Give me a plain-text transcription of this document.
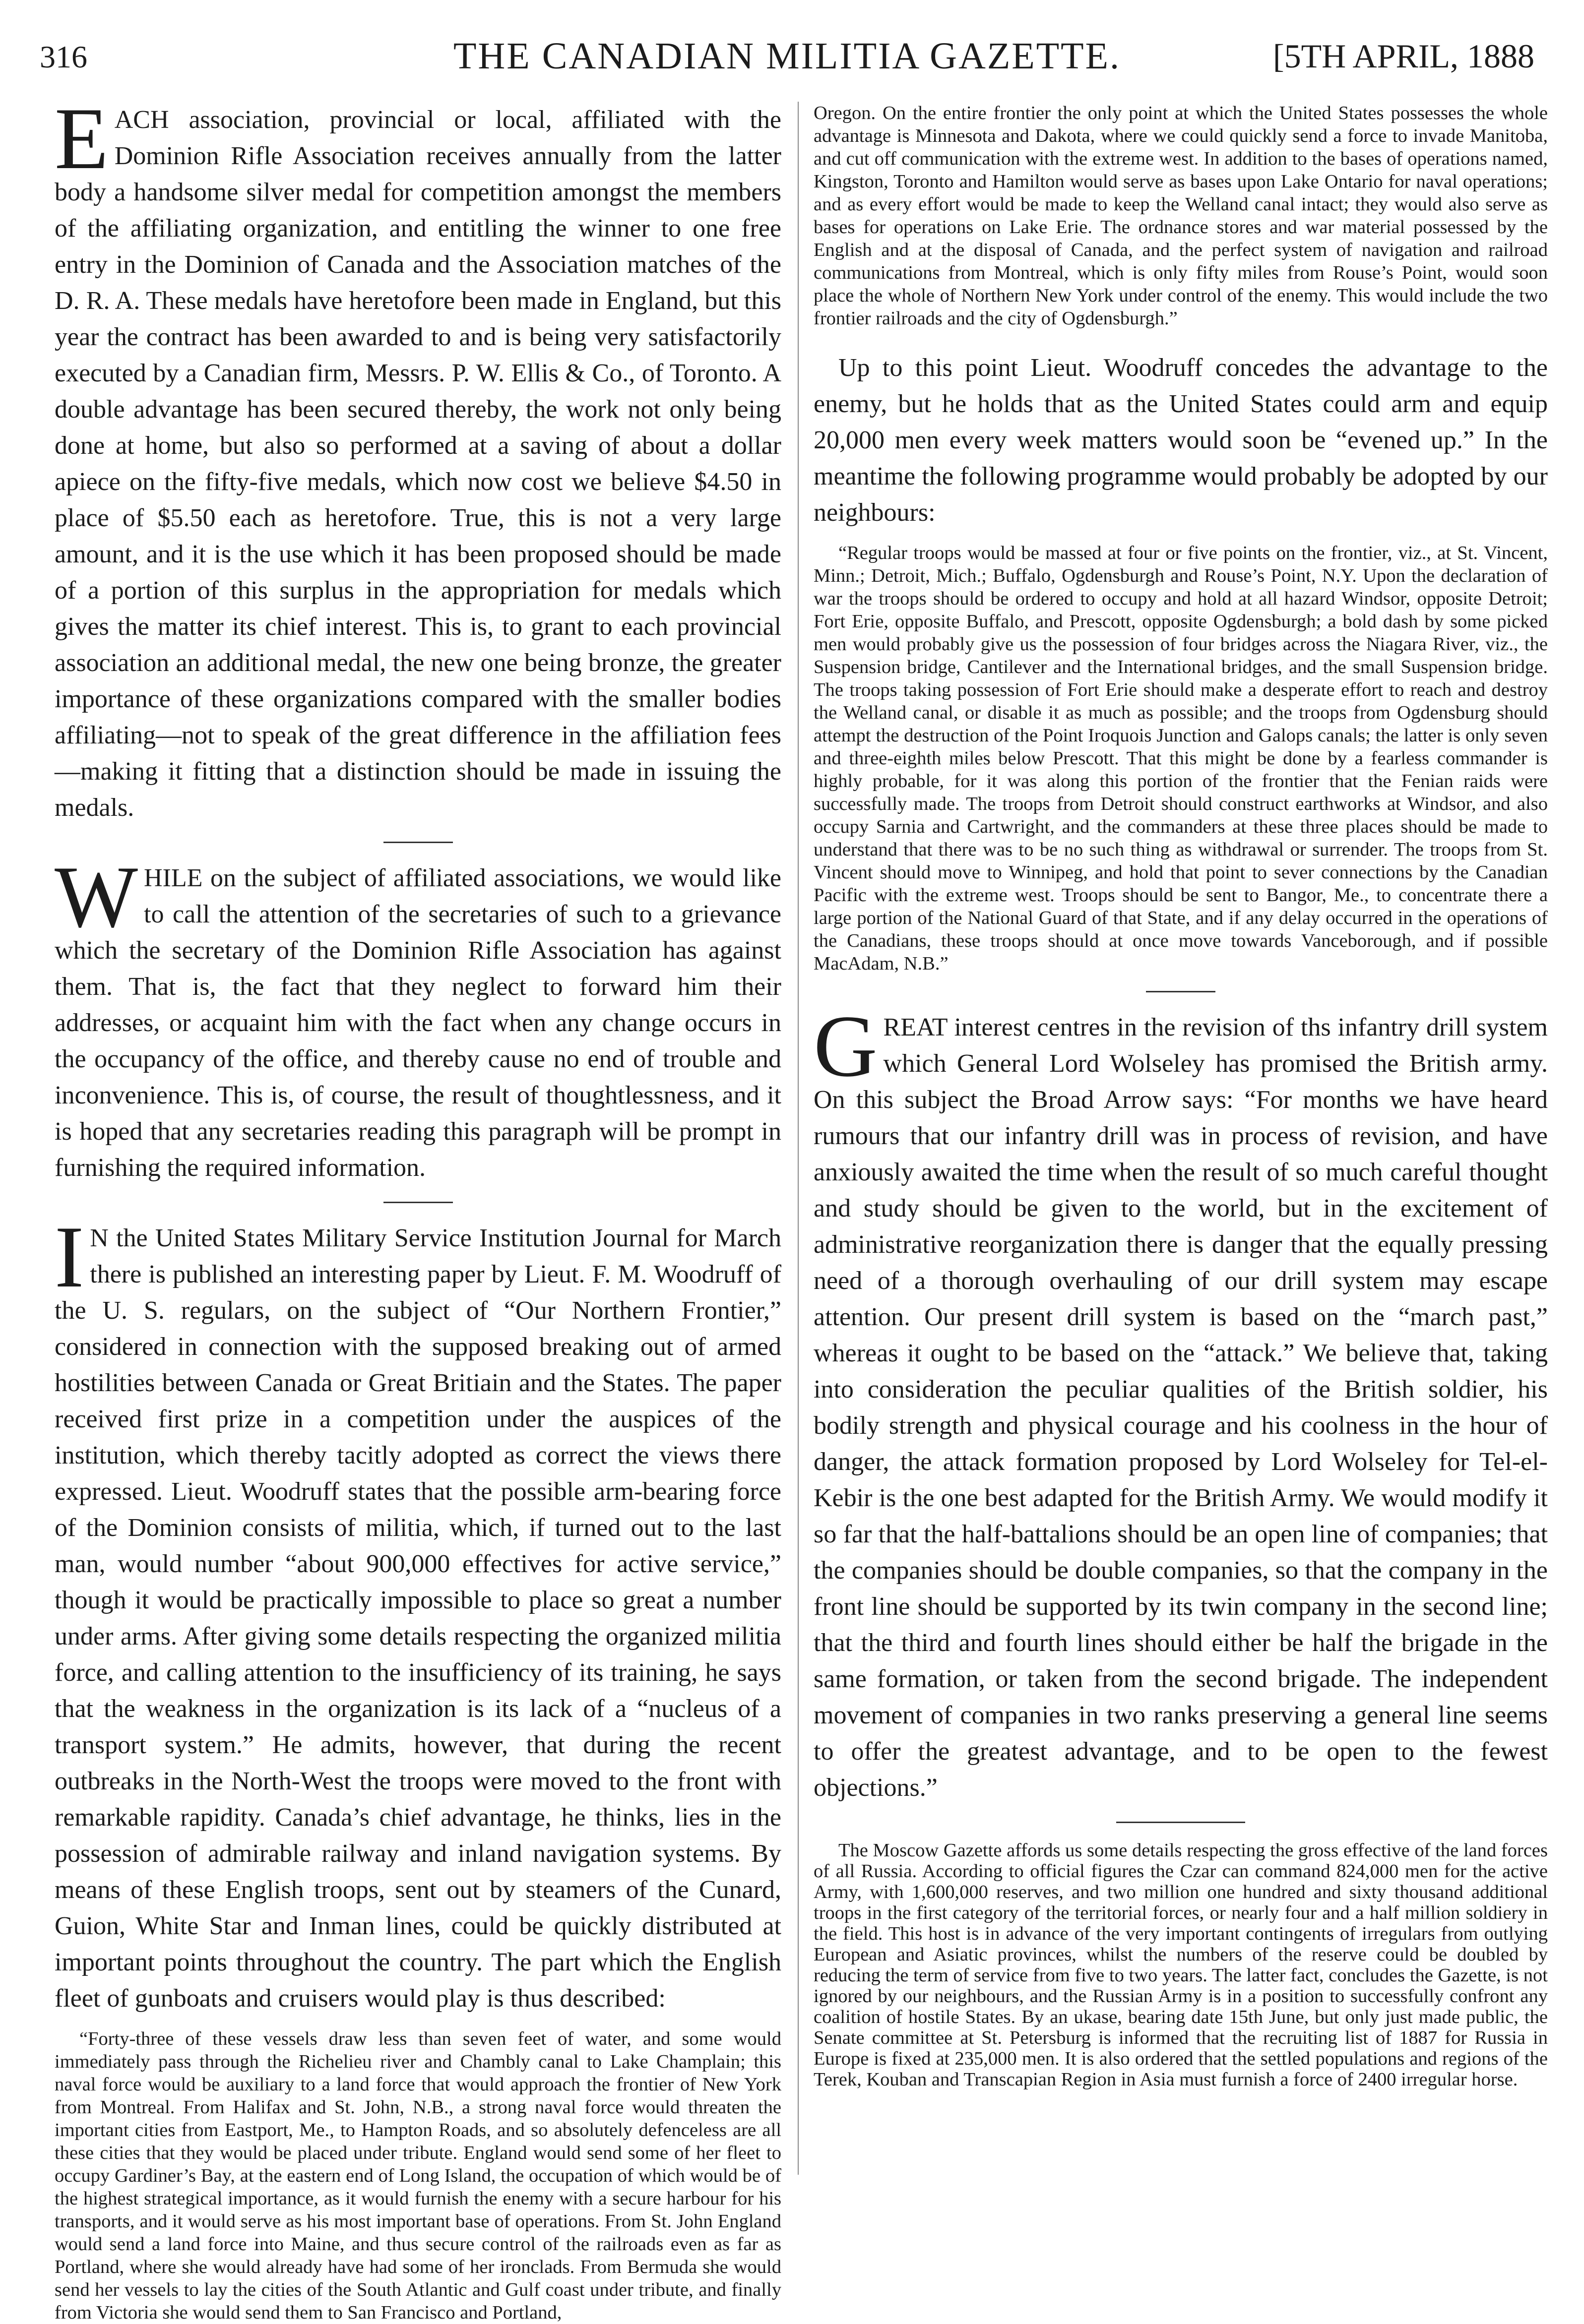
316	THE CANADIAN MILITIA GAZETTE.	[5TH APRIL, 1888

EACH association, provincial or local, affiliated with the Dominion Rifle Association receives annually from the latter body a handsome silver medal for competition amongst the members of the affiliating organization, and entitling the winner to one free entry in the Dominion of Canada and the Association matches of the D. R. A. These medals have heretofore been made in England, but this year the contract has been awarded to and is being very satisfactorily executed by a Canadian firm, Messrs. P. W. Ellis & Co., of Toronto. A double advantage has been secured thereby, the work not only being done at home, but also so performed at a saving of about a dollar apiece on the fifty-five medals, which now cost we believe $4.50 in place of $5.50 each as heretofore. True, this is not a very large amount, and it is the use which it has been proposed should be made of a portion of this surplus in the appropriation for medals which gives the matter its chief interest. This is, to grant to each provincial association an additional medal, the new one being bronze, the greater importance of these organizations compared with the smaller bodies affiliating—not to speak of the great difference in the affiliation fees—making it fitting that a distinction should be made in issuing the medals.

WHILE on the subject of affiliated associations, we would like to call the attention of the secretaries of such to a grievance which the secretary of the Dominion Rifle Association has against them. That is, the fact that they neglect to forward him their addresses, or acquaint him with the fact when any change occurs in the occupancy of the office, and thereby cause no end of trouble and inconvenience. This is, of course, the result of thoughtlessness, and it is hoped that any secretaries reading this paragraph will be prompt in furnishing the required information.

IN the United States Military Service Institution Journal for March there is published an interesting paper by Lieut. F. M. Woodruff of the U. S. regulars, on the subject of “Our Northern Frontier,” considered in connection with the supposed breaking out of armed hostilities between Canada or Great Britiain and the States. The paper received first prize in a competition under the auspices of the institution, which thereby tacitly adopted as correct the views there expressed. Lieut. Woodruff states that the possible arm-bearing force of the Dominion consists of militia, which, if turned out to the last man, would number “about 900,000 effectives for active service,” though it would be practically impossible to place so great a number under arms. After giving some details respecting the organized militia force, and calling attention to the insufficiency of its training, he says that the weakness in the organization is its lack of a “nucleus of a transport system.” He admits, however, that during the recent outbreaks in the North-West the troops were moved to the front with remarkable rapidity. Canada’s chief advantage, he thinks, lies in the possession of admirable railway and inland navigation systems. By means of these English troops, sent out by steamers of the Cunard, Guion, White Star and Inman lines, could be quickly distributed at important points throughout the country. The part which the English fleet of gunboats and cruisers would play is thus described:

“Forty-three of these vessels draw less than seven feet of water, and some would immediately pass through the Richelieu river and Chambly canal to Lake Champlain; this naval force would be auxiliary to a land force that would approach the frontier of New York from Montreal. From Halifax and St. John, N.B., a strong naval force would threaten the important cities from Eastport, Me., to Hampton Roads, and so absolutely defenceless are all these cities that they would be placed under tribute. England would send some of her fleet to occupy Gardiner’s Bay, at the eastern end of Long Island, the occupation of which would be of the highest strategical importance, as it would furnish the enemy with a secure harbour for his transports, and it would serve as his most important base of operations. From St. John England would send a land force into Maine, and thus secure control of the railroads even as far as Portland, where she would already have had some of her ironclads. From Bermuda she would send her vessels to lay the cities of the South Atlantic and Gulf coast under tribute, and finally from Victoria she would send them to San Francisco and Portland,

Oregon. On the entire frontier the only point at which the United States possesses the whole advantage is Minnesota and Dakota, where we could quickly send a force to invade Manitoba, and cut off communication with the extreme west. In addition to the bases of operations named, Kingston, Toronto and Hamilton would serve as bases upon Lake Ontario for naval operations; and as every effort would be made to keep the Welland canal intact; they would also serve as bases for operations on Lake Erie. The ordnance stores and war material possessed by the English and at the disposal of Canada, and the perfect system of navigation and railroad communications from Montreal, which is only fifty miles from Rouse’s Point, would soon place the whole of Northern New York under control of the enemy. This would include the two frontier railroads and the city of Ogdensburgh.”

Up to this point Lieut. Woodruff concedes the advantage to the enemy, but he holds that as the United States could arm and equip 20,000 men every week matters would soon be “evened up.” In the meantime the following programme would probably be adopted by our neighbours:

“Regular troops would be massed at four or five points on the frontier, viz., at St. Vincent, Minn.; Detroit, Mich.; Buffalo, Ogdensburgh and Rouse’s Point, N.Y. Upon the declaration of war the troops should be ordered to occupy and hold at all hazard Windsor, opposite Detroit; Fort Erie, opposite Buffalo, and Prescott, opposite Ogdensburgh; a bold dash by some picked men would probably give us the possession of four bridges across the Niagara River, viz., the Suspension bridge, Cantilever and the International bridges, and the small Suspension bridge. The troops taking possession of Fort Erie should make a desperate effort to reach and destroy the Welland canal, or disable it as much as possible; and the troops from Ogdensburg should attempt the destruction of the Point Iroquois Junction and Galops canals; the latter is only seven and three-eighth miles below Prescott. That this might be done by a fearless commander is highly probable, for it was along this portion of the frontier that the Fenian raids were successfully made. The troops from Detroit should construct earthworks at Windsor, and also occupy Sarnia and Cartwright, and the commanders at these three places should be made to understand that there was to be no such thing as withdrawal or surrender. The troops from St. Vincent should move to Winnipeg, and hold that point to sever connections by the Canadian Pacific with the extreme west. Troops should be sent to Bangor, Me., to concentrate there a large portion of the National Guard of that State, and if any delay occurred in the operations of the Canadians, these troops should at once move towards Vanceborough, and if possible MacAdam, N.B.”

GREAT interest centres in the revision of ths infantry drill system which General Lord Wolseley has promised the British army. On this subject the Broad Arrow says: “For months we have heard rumours that our infantry drill was in process of revision, and have anxiously awaited the time when the result of so much careful thought and study should be given to the world, but in the excitement of administrative reorganization there is danger that the equally pressing need of a thorough overhauling of our drill system may escape attention. Our present drill system is based on the “march past,” whereas it ought to be based on the “attack.” We believe that, taking into consideration the peculiar qualities of the British soldier, his bodily strength and physical courage and his coolness in the hour of danger, the attack formation proposed by Lord Wolseley for Tel-el-Kebir is the one best adapted for the British Army. We would modify it so far that the half-battalions should be an open line of companies; that the companies should be double companies, so that the company in the front line should be supported by its twin company in the second line; that the third and fourth lines should either be half the brigade in the same formation, or taken from the second brigade. The independent movement of companies in two ranks preserving a general line seems to offer the greatest advantage, and to be open to the fewest objections.”

The Moscow Gazette affords us some details respecting the gross effective of the land forces of all Russia. According to official figures the Czar can command 824,000 men for the active Army, with 1,600,000 reserves, and two million one hundred and sixty thousand additional troops in the first category of the territorial forces, or nearly four and a half million soldiery in the field. This host is in advance of the very important contingents of irregulars from outlying European and Asiatic provinces, whilst the numbers of the reserve could be doubled by reducing the term of service from five to two years. The latter fact, concludes the Gazette, is not ignored by our neighbours, and the Russian Army is in a position to successfully confront any coalition of hostile States. By an ukase, bearing date 15th June, but only just made public, the Senate committee at St. Petersburg is informed that the recruiting list of 1887 for Russia in Europe is fixed at 235,000 men. It is also ordered that the settled populations and regions of the Terek, Kouban and Transcapian Region in Asia must furnish a force of 2400 irregular horse.
